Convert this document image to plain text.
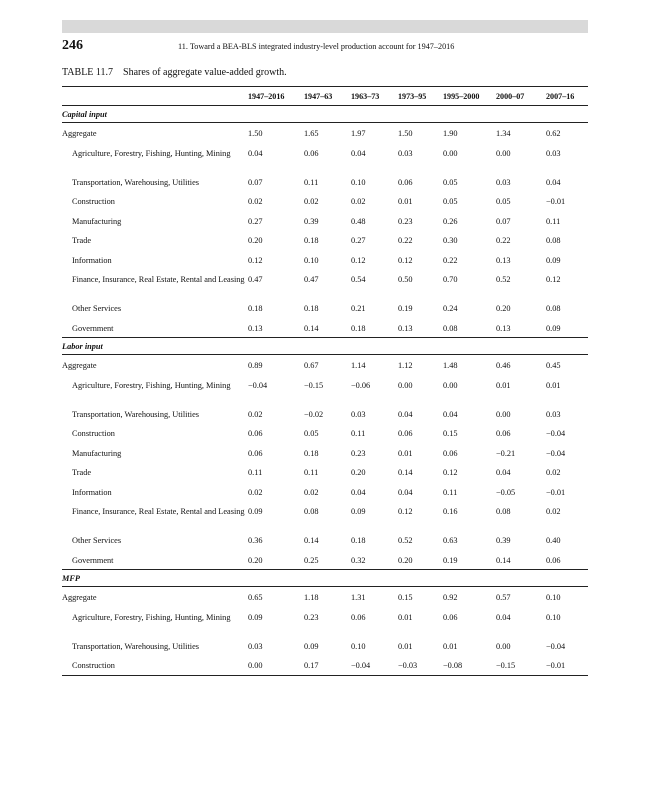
246	11. Toward a BEA-BLS integrated industry-level production account for 1947–2016
TABLE 11.7 Shares of aggregate value-added growth.
	1947–2016	1947–63	1963–73	1973–95	1995–2000	2000–07	2007–16
Capital input							
Aggregate	1.50	1.65	1.97	1.50	1.90	1.34	0.62
Agriculture, Forestry, Fishing, Hunting, Mining	0.04	0.06	0.04	0.03	0.00	0.00	0.03
Transportation, Warehousing, Utilities	0.07	0.11	0.10	0.06	0.05	0.03	0.04
Construction	0.02	0.02	0.02	0.01	0.05	0.05	−0.01
Manufacturing	0.27	0.39	0.48	0.23	0.26	0.07	0.11
Trade	0.20	0.18	0.27	0.22	0.30	0.22	0.08
Information	0.12	0.10	0.12	0.12	0.22	0.13	0.09
Finance, Insurance, Real Estate, Rental and Leasing	0.47	0.47	0.54	0.50	0.70	0.52	0.12
Other Services	0.18	0.18	0.21	0.19	0.24	0.20	0.08
Government	0.13	0.14	0.18	0.13	0.08	0.13	0.09
Labor input							
Aggregate	0.89	0.67	1.14	1.12	1.48	0.46	0.45
Agriculture, Forestry, Fishing, Hunting, Mining	−0.04	−0.15	−0.06	0.00	0.00	0.01	0.01
Transportation, Warehousing, Utilities	0.02	−0.02	0.03	0.04	0.04	0.00	0.03
Construction	0.06	0.05	0.11	0.06	0.15	0.06	−0.04
Manufacturing	0.06	0.18	0.23	0.01	0.06	−0.21	−0.04
Trade	0.11	0.11	0.20	0.14	0.12	0.04	0.02
Information	0.02	0.02	0.04	0.04	0.11	−0.05	−0.01
Finance, Insurance, Real Estate, Rental and Leasing	0.09	0.08	0.09	0.12	0.16	0.08	0.02
Other Services	0.36	0.14	0.18	0.52	0.63	0.39	0.40
Government	0.20	0.25	0.32	0.20	0.19	0.14	0.06
MFP							
Aggregate	0.65	1.18	1.31	0.15	0.92	0.57	0.10
Agriculture, Forestry, Fishing, Hunting, Mining	0.09	0.23	0.06	0.01	0.06	0.04	0.10
Transportation, Warehousing, Utilities	0.03	0.09	0.10	0.01	0.01	0.00	−0.04
Construction	0.00	0.17	−0.04	−0.03	−0.08	−0.15	−0.01
